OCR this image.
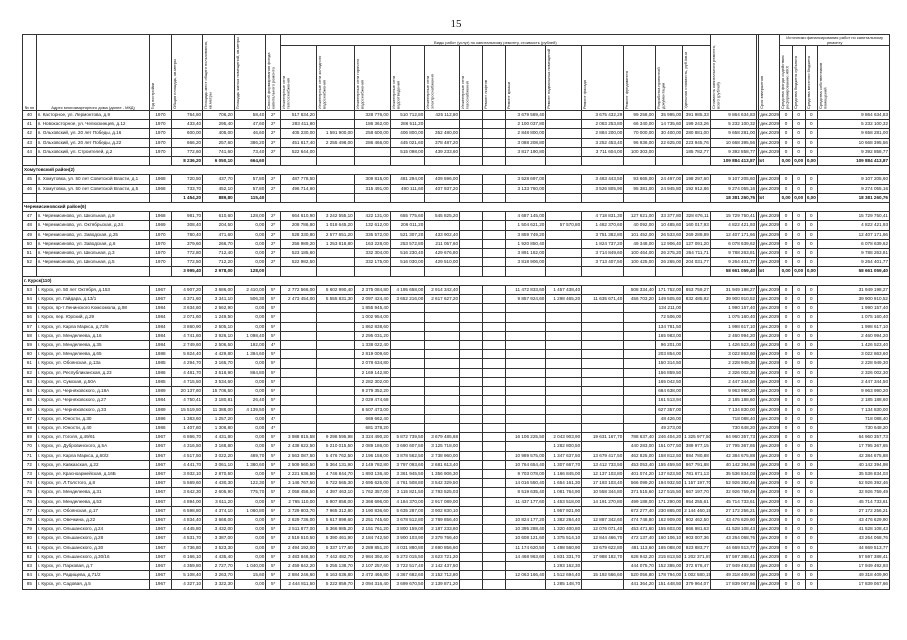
15
№ пп	Адрес многоквартирного дома (далее - МКД)	Год постройки	Общая площадь, кв.метры	Площадь мест общего пользования, кв.метры	Площадь жилых помещений, кв.метры	Способ формирования фонда капитального ремонта	Виды работ (услуг) по капитальному ремонту, стоимость (рублей)													Стоимость капитального ремонта, всего (рублей)		Срок завершения	Источники финансирования работ по капитальному ремонту			

							Инженерные сети теплоснабжения	Инженерные сети холодного водоснабжения	Инженерные сети горячего водоснабжения	Инженерные сети водоотведения	Инженерные сети электроснабжения	Инженерные сети газоснабжения	Ремонт лифтов	Ремонт крыши	Ремонт подвальных помещений	Ремонт фасада	Ремонт фундамента	Разработка проектной документации	Удельная стоимость, руб./кв.м				Средства фонда содействия реформированию ЖКХ	Средства бюджета субъекта	Средства местного бюджета	Средства собственников помещений

40	п. Касторное, ул. Лермонтова, д.9	1970	764,60	706,20	58,40	2*	517 634,20		328 776,00	510 712,80	425 112,80			3 679 589,40		3 675 432,29	99 258,00	35 995,00	391 985,33	9 864 634,83	r	дек.2029	0	0	0	9 864 634,83
41	п. Новокасторное, ул. Челюскинцев, д.12	1970	433,40	295,40	47,60	2*	283 411,80		186 362,00	286 511,20				2 100 037,80		2 083 253,80	66 340,00	14 735,60	199 243,26	5 232 100,32	r	дек.2029	0	0	0	5 232 100,32
42	п. Ольховский, ул. 20 лет Победы, д.16	1970	600,00	405,00	46,60	2*	405 230,00	1 591 900,00	258 600,00	406 800,00	352 480,00			2 848 800,00		2 884 200,00	70 000,00	30 400,00	280 881,00	9 658 281,00	r	дек.2029	0	0	0	9 658 281,00
43	п. Ольховский, ул. 20 лет Победы, д.22	1970	666,20	257,60	386,20	2*	451 617,40	2 255 498,00	286 466,00	445 021,60	378 487,20			3 088 208,80		3 252 453,40	96 936,00	22 625,00	223 945,76	10 668 395,56	r	дек.2029	0	0	0	10 668 395,56
44	п. Ольховский, ул. Строителей, д.2	1970	772,60	741,60	73,40	2*	522 644,00			515 098,00	439 233,60			3 817 190,80		3 711 604,00	100 303,00		185 782,77	9 392 858,77	r	дек.2029	0	0	0	9 392 858,77
			8 236,20	6 050,10	664,60															109 884 413,87	tot		0,00	0,00	0,00	109 884 413,87
Хомутовский район(2)																										
45	п. Хомутовка, ул. 50 лет Советской Власти, д.1	1968	720,50	437,70	57,80	2*	487 778,50		309 815,00	481 294,00	409 596,00			3 528 697,00		3 463 443,50	93 665,00	24 497,00	198 297,60	9 107 205,60	r	дек.2029	0	0	0	9 107 205,60
46	п. Хомутовка, ул. 50 лет Советской Власти, д.5	1968	733,70	452,10	57,80	2*	496 714,60		315 491,00	490 111,60	407 937,20			3 133 760,00		3 526 805,90	95 381,00	24 945,80	192 912,86	9 274 055,16	r	дек.2029	0	0	0	9 274 055,16
			1 454,20	889,80	115,40															18 381 260,76	tot		0,00	0,00	0,00	18 381 260,76
Черемисиновский район(6)																										
47	п. Черемисиново, ул. Школьная, д.9	1968	981,70	610,60	128,00	2*	664 610,90	3 242 555,10	422 131,00	655 775,60	545 825,20			4 687 145,00		4 718 831,30	127 621,00	33 377,80	328 676,11	15 729 750,41	r	дек.2029	0	0	0	15 729 750,41
48	п. Черемисиново, ул. Октябрьская, д.24	1969	308,40	204,50	0,00	2*	208 786,80	1 018 645,20	132 612,00	206 011,20				1 504 621,20	57 570,80	1 482 370,60	40 092,00	10 485,60	160 017,93	4 822 421,93	r	дек.2029	0	0	0	4 822 421,93
49	п. Черемисиново, ул. Заводская, д.25	1970	780,40	471,60	0,00	2*	528 330,80	2 577 651,20	335 572,00	521 307,20	433 902,40			3 859 749,20		3 751 382,80	101 452,00	26 533,60	269 289,89	12 407 171,66	r	дек.2029	0	0	0	12 407 171,66
50	п. Черемисиново, ул. Заводская, д.6	1970	379,60	266,70	0,00	2*	256 989,20	1 253 818,80	163 228,00	253 572,80	211 057,60			1 920 850,40		1 824 737,20	49 348,00	12 906,40	127 091,20	6 078 639,62	r	дек.2029	0	0	0	6 078 639,62
51	п. Черемисиново, ул. Школьная, д.3	1970	772,80	712,40	0,00	2*	523 185,60		332 304,00	516 230,40	429 676,80			3 891 162,00		3 714 849,60	100 464,00	26 275,20	264 711,71	9 788 263,81	r	дек.2029	0	0	0	9 788 263,81
52	п. Черемисиново, ул. Школьная, д.5	1970	772,50	712,20	0,00	2*	522 982,50		332 175,00	516 030,00	429 510,00			3 818 906,00		3 713 407,50	100 425,00	26 265,00	204 031,77	9 264 401,77	r	дек.2029	0	0	0	9 264 401,77
			3 995,40	2 978,00	128,00															58 661 059,40	tot		0,00	0,00	0,00	58 661 059,40
г. Курск(110)																										
53	г. Курск, ул. 50 лет Октября, д.153	1967	4 907,20	3 686,00	2 410,00	5*	2 772 566,00	5 602 990,40	2 375 084,80	4 195 658,00	2 914 342,40			11 472 833,60	1 457 438,40		508 334,40	171 752,00	853 759,27	31 949 198,27	r	дек.2029	0	0	0	31 949 198,27
54	г. Курск, ул. Гайдара, д.13/1	1967	4 371,60	3 341,10	506,30	5*	2 473 454,00	5 555 831,30	2 097 424,40	3 652 216,00	2 617 627,20			9 857 924,60	1 298 465,20	11 635 671,40	456 703,20	149 505,60	832 485,92	39 900 910,52	r	дек.2029	0	0	0	39 900 910,52
55	г. Курск, пр-т Ленинского Комсомола, д.98	1984	3 634,60	2 562,90	0,00	5*			1 855 945,40									134 211,00		1 990 157,40	r	дек.2029	0	0	0	1 990 157,40
56	г. Курск, пер. Юрский, д.29	1984	2 071,60	1 249,50	0,00	5*			1 002 954,00									72 506,00		1 075 160,40	r	дек.2029	0	0	0	1 075 160,40
57	г. Курск, ул. Карла Маркса, д.72/6	1984	3 860,90	2 505,10	0,00	5*			1 862 838,60									134 781,50		1 998 617,10	r	дек.2029	0	0	0	1 998 617,10
58	г. Курск, ул. Менделеева, д.16	1984	4 741,60	3 926,10	1 098,40	5*			2 295 031,20									165 983,00		2 460 994,20	r	дек.2029	0	0	0	2 460 994,20
59	г. Курск, ул. Менделеева, д.35	1984	2 749,60	2 506,50	192,00	4*			1 338 022,40									96 201,00		1 426 523,40	r	дек.2029	0	0	0	1 426 523,40
60	г. Курск, ул. Менделеева, д.65	1988	5 824,40	4 429,80	1 394,60	5*			2 819 009,60									203 854,00		3 022 863,60	r	дек.2029	0	0	0	3 022 863,60
61	г. Курск, ул. Обоянская, д.13а	1985	4 294,70	3 165,70	0,00	5*			2 078 634,80									150 314,50		2 228 949,30	r	дек.2029	0	0	0	2 228 949,30
62	г. Курск, ул. Республиканская, д.23	1986	4 481,70	3 516,90	864,80	5*			2 169 142,80									156 859,50		2 326 002,30	r	дек.2029	0	0	0	2 326 002,30
63	г. Курск, ул. Сумская, д.50А	1985	4 715,50	3 534,60	0,00	5*			2 282 302,00									165 042,50		2 447 344,50	r	дек.2029	0	0	0	2 447 344,50
64	г. Курск, ул. Черняховского, д.18А	1989	20 137,60	15 706,50	0,00	5*			9 279 352,20									684 638,00		9 963 990,20	r	дек.2029	0	0	0	9 963 990,20
65	г. Курск, ул. Черняховского, д.27	1984	4 750,41	3 180,81	26,40	5*			2 029 474,68									161 513,94		2 185 188,60	r	дек.2029	0	0	0	2 185 188,60
66	г. Курск, ул. Черняховского, д.33	1989	15 519,50	11 388,00	4 139,50	5*			6 507 473,00									627 357,00		7 134 830,00	r	дек.2029	0	0	0	7 134 830,00
67	г. Курск, ул. Юности, д.30	1986	1 383,60	1 257,20	0,00	4*			669 662,40									48 426,00		718 088,40	r	дек.2029	0	0	0	718 088,40
68	г. Курск, ул. Юности, д.40	1986	1 407,60	1 306,80	0,00	4*			681 378,20									49 273,00		730 648,20	r	дек.2029	0	0	0	730 648,20
69	г. Курск, ул. Гоголя, д.49/61	1967	6 866,70	4 431,80	0,00	5*	3 988 815,58	9 298 595,98	3 324 490,20	5 872 739,50	3 679 485,68			16 106 225,50	2 043 903,90	19 631 167,70	788 637,40	246 404,20	1 325 977,50	64 960 357,73	r	дек.2029	0	0	0	64 960 357,73
70	г. Курск, ул. Дубровинского, д.5А	1967	4 316,50	3 168,80	0,00	5*	2 438 622,50	5 210 015,50	2 089 186,00	3 690 607,50	3 125 718,00				1 282 800,50		440 283,00	151 077,50	389 977,15	17 795 367,65	r	дек.2029	0	0	0	17 795 367,65
71	г. Курск, ул. Карла Маркса, д.60/2	1967	4 517,50	3 022,20	469,70	5*	2 563 087,50	5 476 762,50	2 196 158,00	3 878 562,50	2 738 960,00			10 989 575,00	1 347 637,50	13 679 417,50	462 825,00	158 812,50	884 780,88	42 384 675,88	r	дек.2029	0	0	0	42 384 675,88
72	г. Курск, ул. Кавказская, д.22	1967	4 441,70	3 061,10	1 380,60	5*	2 509 560,50	5 364 131,90	2 149 782,80	3 797 093,60	2 681 613,40			10 764 654,40	1 307 667,70	13 412 733,50	453 053,40	155 459,50	867 791,88	40 142 394,98	r	дек.2029	0	0	0	40 142 394,98
73	г. Курск, ул. Красноармейская, д.16Б	1967	3 932,10	2 870,50	0,00	5*	2 221 636,50	4 746 844,70	1 893 136,40	3 361 945,50	1 356 906,30			9 703 078,00	1 166 845,00	12 137 103,80	401 074,20	137 623,50	781 671,13	35 536 834,03	r	дек.2029	0	0	0	35 536 834,03
74	г. Курск, ул. Л.Толстого, д.8	1967	5 569,60	4 430,30	122,30	5*	3 146 767,50	6 722 565,30	2 695 625,00	4 761 508,80	3 542 329,50			14 016 550,40	1 654 161,30	17 193 103,40	566 099,20	194 932,50	1 157 197,70	52 926 392,46	r	дек.2029	0	0	0	52 926 392,46
75	г. Курск, ул. Менделеева, д.31	1967	3 642,30	2 605,90	775,70	5*	2 058 456,50	4 397 463,10	1 762 357,00	3 115 821,50	2 783 525,03			8 519 635,40	1 081 764,90	10 558 344,80	371 515,60	127 515,50	667 197,70	32 926 759,49	r	дек.2029	0	0	0	32 926 759,49
76	г. Курск, ул. Менделеева, д.53	1967	4 894,00	3 611,20	0,00	5*	2 765 110,00	5 907 858,00	2 368 696,00	4 184 370,00	2 917 089,00			11 437 177,60	1 453 518,00	14 191 270,80	499 188,00	171 290,00	954 255,61	45 714 733,61	r	дек.2029	0	0	0	45 714 733,61
77	г. Курск, ул. Обоянская, д.17	1967	6 598,80	4 374,10	1 060,80	5*	3 729 803,70	7 965 312,80	3 190 836,60	5 635 287,00	3 902 830,10				1 957 921,90		672 277,40	230 865,00	2 144 460,19	27 172 256,21	r	дек.2029	0	0	0	27 172 256,21
78	г. Курск, ул. Овечкина, д.22	1967	4 834,40	3 668,00	0,00	5*	2 629 736,00	5 617 899,60	2 251 745,60	3 678 512,80	2 789 856,40			10 824 177,20	1 382 284,40	12 887 342,60	474 748,80	162 909,00	902 462,50	43 476 629,90	r	дек.2029	0	0	0	43 476 629,90
79	г. Курск, ул. Ольшанского, д.24	1967	4 445,80	3 432,00	0,00	5*	2 511 877,00	5 366 985,20	2 151 761,20	3 800 159,00	2 187 233,60			10 395 288,40	1 320 400,80	12 076 071,40	453 471,60	155 603,00	866 981,63	41 528 108,43	r	дек.2029	0	0	0	41 528 108,43
80	г. Курск, ул. Ольшанского, д.28	1967	4 531,70	3 387,00	0,00	5*	2 519 510,50	5 390 461,90	2 184 742,50	3 900 103,90	2 379 766,40			10 608 121,60	1 375 514,10	12 844 466,70	472 137,40	160 106,10	903 007,36	43 264 068,76	r	дек.2029	0	0	0	43 264 068,76
81	г. Курск, ул. Ольшанского, д.30	1967	4 736,80	3 523,30	0,00	5*	2 494 192,00	5 337 177,60	2 289 851,20	4 031 880,80	2 690 856,60			11 174 620,50	1 498 560,90	13 679 622,80	481 113,60	165 088,00	923 883,77	44 669 513,77	r	дек.2029	0	0	0	44 669 513,77
82	г. Курск, ул. Ольшанского, д.30/16	1967	6 166,10	4 435,40	0,00	5*	3 483 846,50	7 442 482,70	2 984 392,40	5 272 015,50	3 623 721,20			14 468 963,60	1 831 331,70	17 988 182,70	628 942,20	215 813,50	1 202 371,87	57 597 388,41	r	дек.2029	0	0	0	57 597 388,41
83	г. Курск, ул. Парковая, д.7	1967	4 359,80	2 727,70	1 040,00	5*	2 459 842,20	5 255 138,70	2 107 257,60	3 722 517,40	2 142 437,50				1 293 162,30		444 075,70	152 385,00	372 678,47	17 949 492,93	r	дек.2029	0	0	0	17 949 492,93
84	г. Курск, ул. Радищева, д.71/2	1967	5 108,40	3 263,70	15,60	5*	2 884 246,60	6 163 636,80	2 472 465,80	4 367 682,60	3 152 712,80			12 063 166,40	1 512 694,40	15 192 566,60	520 056,80	178 794,00	1 002 580,19	49 318 409,90	r	дек.2029	0	0	0	49 318 409,90
85	г. Курск, ул. Садовая, д.5	1967	4 327,10	3 322,30	0,00	5*	2 444 811,50	5 222 859,70	2 094 316,40	3 699 670,50	2 139 871,20				1 285 148,70		441 364,20	151 448,50	379 964,07	17 839 067,66	r	дек.2029	0	0	0	17 839 067,66
